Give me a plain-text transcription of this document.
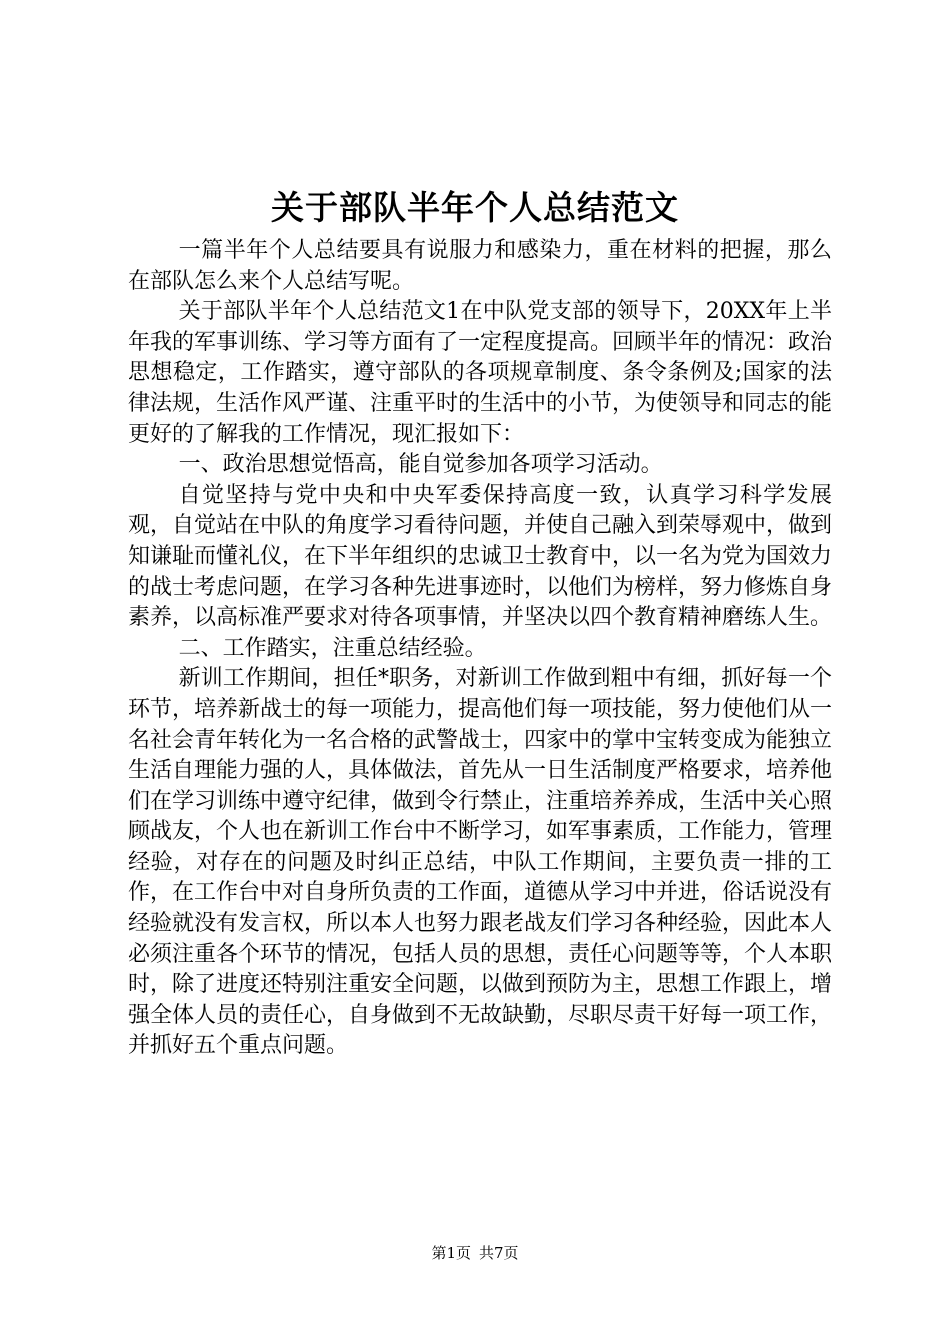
关于部队半年个人总结范文

一篇半年个人总结要具有说服力和感染力，重在材料的把握，那么在部队怎么来个人总结写呢。

关于部队半年个人总结范文1在中队党支部的领导下，20XX年上半年我的军事训练、学习等方面有了一定程度提高。回顾半年的情况：政治思想稳定，工作踏实，遵守部队的各项规章制度、条令条例及;国家的法律法规，生活作风严谨、注重平时的生活中的小节，为使领导和同志的能更好的了解我的工作情况，现汇报如下：

一、政治思想觉悟高，能自觉参加各项学习活动。

自觉坚持与党中央和中央军委保持高度一致，认真学习科学发展观，自觉站在中队的角度学习看待问题，并使自己融入到荣辱观中，做到知谦耻而懂礼仪，在下半年组织的忠诚卫士教育中，以一名为党为国效力的战士考虑问题，在学习各种先进事迹时，以他们为榜样，努力修炼自身素养，以高标准严要求对待各项事情，并坚决以四个教育精神磨练人生。

二、工作踏实，注重总结经验。

新训工作期间，担任*职务，对新训工作做到粗中有细，抓好每一个环节，培养新战士的每一项能力，提高他们每一项技能，努力使他们从一名社会青年转化为一名合格的武警战士，四家中的掌中宝转变成为能独立生活自理能力强的人，具体做法，首先从一日生活制度严格要求，培养他们在学习训练中遵守纪律，做到令行禁止，注重培养养成，生活中关心照顾战友，个人也在新训工作台中不断学习，如军事素质，工作能力，管理经验，对存在的问题及时纠正总结，中队工作期间，主要负责一排的工作，在工作台中对自身所负责的工作面，道德从学习中并进，俗话说没有经验就没有发言权，所以本人也努力跟老战友们学习各种经验，因此本人必须注重各个环节的情况，包括人员的思想，责任心问题等等，个人本职时，除了进度还特别注重安全问题，以做到预防为主，思想工作跟上，增强全体人员的责任心，自身做到不无故缺勤，尽职尽责干好每一项工作，并抓好五个重点问题。

第1页 共7页
